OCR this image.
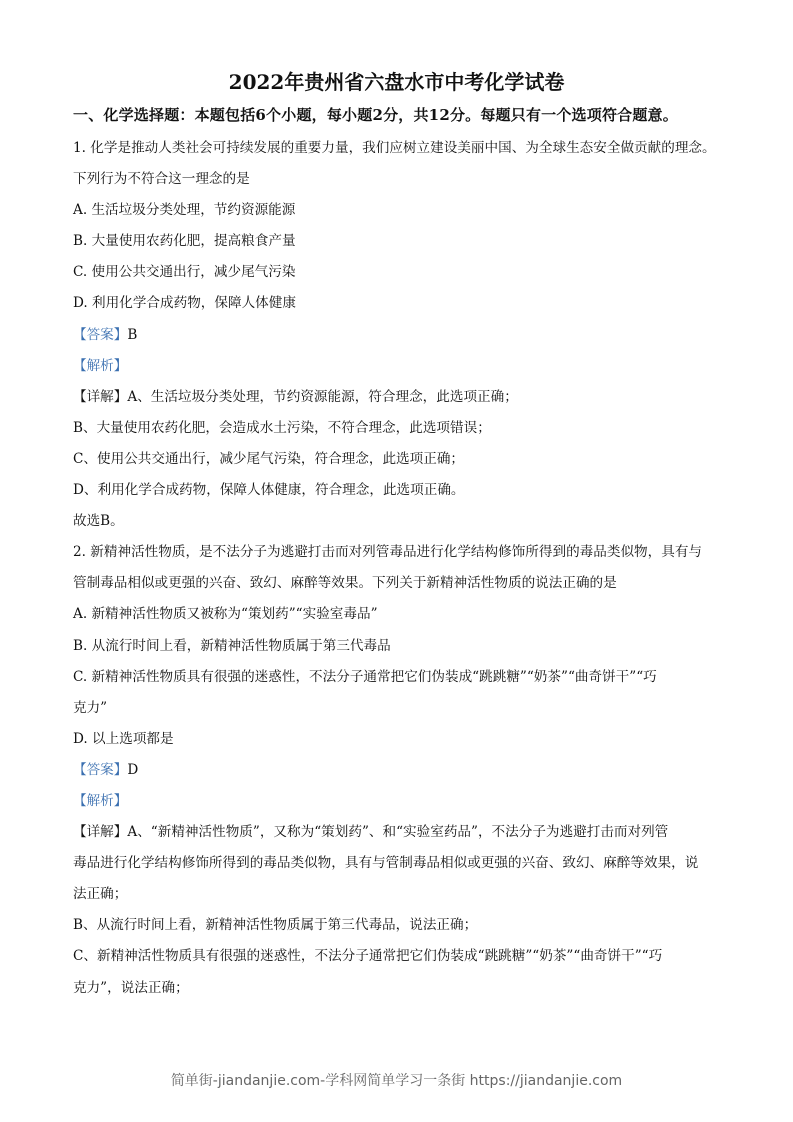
2022年贵州省六盘水市中考化学试卷
一、化学选择题：本题包括6个小题，每小题2分，共12分。每题只有一个选项符合题意。
1. 化学是推动人类社会可持续发展的重要力量，我们应树立建设美丽中国、为全球生态安全做贡献的理念。
下列行为不符合这一理念的是
A. 生活垃圾分类处理，节约资源能源
B. 大量使用农药化肥，提高粮食产量
C. 使用公共交通出行，减少尾气污染
D. 利用化学合成药物，保障人体健康
【答案】B
【解析】
【详解】A、生活垃圾分类处理，节约资源能源，符合理念，此选项正确；
B、大量使用农药化肥，会造成水土污染，不符合理念，此选项错误；
C、使用公共交通出行，减少尾气污染，符合理念，此选项正确；
D、利用化学合成药物，保障人体健康，符合理念，此选项正确。
故选B。
2. 新精神活性物质，是不法分子为逃避打击而对列管毒品进行化学结构修饰所得到的毒品类似物，具有与
管制毒品相似或更强的兴奋、致幻、麻醉等效果。下列关于新精神活性物质的说法正确的是
A. 新精神活性物质又被称为“策划药”“实验室毒品”
B. 从流行时间上看，新精神活性物质属于第三代毒品
C. 新精神活性物质具有很强的迷惑性，不法分子通常把它们伪装成“跳跳糖”“奶茶”“曲奇饼干”“巧
克力”
D. 以上选项都是
【答案】D
【解析】
【详解】A、“新精神活性物质”，又称为“策划药”、和“实验室药品”，不法分子为逃避打击而对列管
毒品进行化学结构修饰所得到的毒品类似物，具有与管制毒品相似或更强的兴奋、致幻、麻醉等效果，说
法正确；
B、从流行时间上看，新精神活性物质属于第三代毒品，说法正确；
C、新精神活性物质具有很强的迷惑性，不法分子通常把它们伪装成“跳跳糖”“奶茶”“曲奇饼干”“巧
克力”，说法正确；
简单街-jiandanjie.com-学科网简单学习一条街 https://jiandanjie.com
